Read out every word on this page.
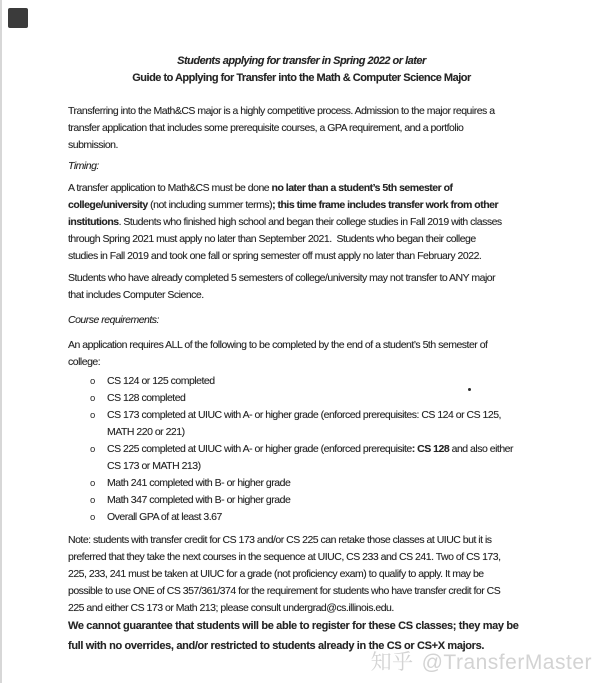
Students applying for transfer in Spring 2022 or later
Guide to Applying for Transfer into the Math & Computer Science Major
Transferring into the Math&CS major is a highly competitive process. Admission to the major requires a
transfer application that includes some prerequisite courses, a GPA requirement, and a portfolio
submission.
Timing:
A transfer application to Math&CS must be done no later than a student’s 5th semester of
college/university (not including summer terms); this time frame includes transfer work from other
institutions. Students who finished high school and began their college studies in Fall 2019 with classes
through Spring 2021 must apply no later than September 2021.  Students who began their college
studies in Fall 2019 and took one fall or spring semester off must apply no later than February 2022.
Students who have already completed 5 semesters of college/university may not transfer to ANY major
that includes Computer Science.
Course requirements:
An application requires ALL of the following to be completed by the end of a student’s 5th semester of
college:
o CS 124 or 125 completed
o CS 128 completed
o CS 173 completed at UIUC with A- or higher grade (enforced prerequisites: CS 124 or CS 125,
MATH 220 or 221)
o CS 225 completed at UIUC with A- or higher grade (enforced prerequisite: CS 128 and also either
CS 173 or MATH 213)
o Math 241 completed with B- or higher grade
o Math 347 completed with B- or higher grade
o Overall GPA of at least 3.67
Note: students with transfer credit for CS 173 and/or CS 225 can retake those classes at UIUC but it is
preferred that they take the next courses in the sequence at UIUC, CS 233 and CS 241. Two of CS 173,
225, 233, 241 must be taken at UIUC for a grade (not proficiency exam) to qualify to apply. It may be
possible to use ONE of CS 357/361/374 for the requirement for students who have transfer credit for CS
225 and either CS 173 or Math 213; please consult undergrad@cs.illinois.edu.
We cannot guarantee that students will be able to register for these CS classes; they may be
full with no overrides, and/or restricted to students already in the CS or CS+X majors.
知乎 @TransferMaster
